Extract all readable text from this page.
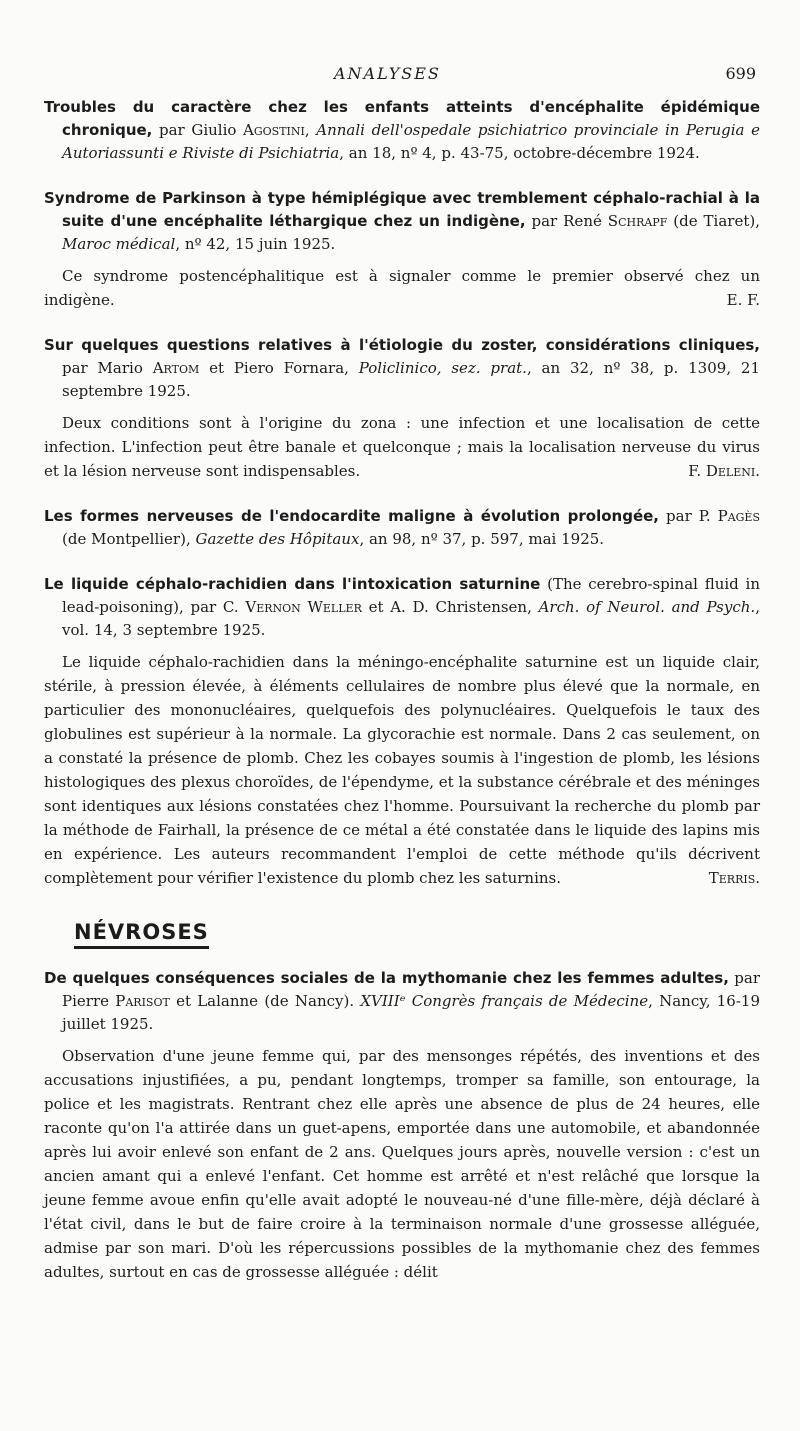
ANALYSES	699

Troubles du caractère chez les enfants atteints d'encéphalite épidémique chronique, par Giulio Agostini, Annali dell'ospedale psichiatrico provinciale in Perugia e Autoriassunti e Riviste di Psichiatria, an 18, nº 4, p. 43-75, octobre-décembre 1924.

Syndrome de Parkinson à type hémiplégique avec tremblement céphalo-rachial à la suite d'une encéphalite léthargique chez un indigène, par René Schrapf (de Tiaret), Maroc médical, nº 42, 15 juin 1925.

Ce syndrome postencéphalitique est à signaler comme le premier observé chez un indigène.	E. F.

Sur quelques questions relatives à l'étiologie du zoster, considérations cliniques, par Mario Artom et Piero Fornara, Policlinico, sez. prat., an 32, nº 38, p. 1309, 21 septembre 1925.

Deux conditions sont à l'origine du zona : une infection et une localisation de cette infection. L'infection peut être banale et quelconque ; mais la localisation nerveuse du virus et la lésion nerveuse sont indispensables.	F. Deleni.

Les formes nerveuses de l'endocardite maligne à évolution prolongée, par P. Pagès (de Montpellier), Gazette des Hôpitaux, an 98, nº 37, p. 597, mai 1925.

Le liquide céphalo-rachidien dans l'intoxication saturnine (The cerebro-spinal fluid in lead-poisoning), par C. Vernon Weller et A. D. Christensen, Arch. of Neurol. and Psych., vol. 14, 3 septembre 1925.

Le liquide céphalo-rachidien dans la méningo-encéphalite saturnine est un liquide clair, stérile, à pression élevée, à éléments cellulaires de nombre plus élevé que la normale, en particulier des mononucléaires, quelquefois des polynucléaires. Quelquefois le taux des globulines est supérieur à la normale. La glycorachie est normale. Dans 2 cas seulement, on a constaté la présence de plomb. Chez les cobayes soumis à l'ingestion de plomb, les lésions histologiques des plexus choroïdes, de l'épendyme, et la substance cérébrale et des méninges sont identiques aux lésions constatées chez l'homme. Poursuivant la recherche du plomb par la méthode de Fairhall, la présence de ce métal a été constatée dans le liquide des lapins mis en expérience. Les auteurs recommandent l'emploi de cette méthode qu'ils décrivent complètement pour vérifier l'existence du plomb chez les saturnins.	Terris.

NÉVROSES

De quelques conséquences sociales de la mythomanie chez les femmes adultes, par Pierre Parisot et Lalanne (de Nancy). XVIIIᵉ Congrès français de Médecine, Nancy, 16-19 juillet 1925.

Observation d'une jeune femme qui, par des mensonges répétés, des inventions et des accusations injustifiées, a pu, pendant longtemps, tromper sa famille, son entourage, la police et les magistrats. Rentrant chez elle après une absence de plus de 24 heures, elle raconte qu'on l'a attirée dans un guet-apens, emportée dans une automobile, et abandonnée après lui avoir enlevé son enfant de 2 ans. Quelques jours après, nouvelle version : c'est un ancien amant qui a enlevé l'enfant. Cet homme est arrêté et n'est relâché que lorsque la jeune femme avoue enfin qu'elle avait adopté le nouveau-né d'une fille-mère, déjà déclaré à l'état civil, dans le but de faire croire à la terminaison normale d'une grossesse alléguée, admise par son mari. D'où les répercussions possibles de la mythomanie chez des femmes adultes, surtout en cas de grossesse alléguée : délit
